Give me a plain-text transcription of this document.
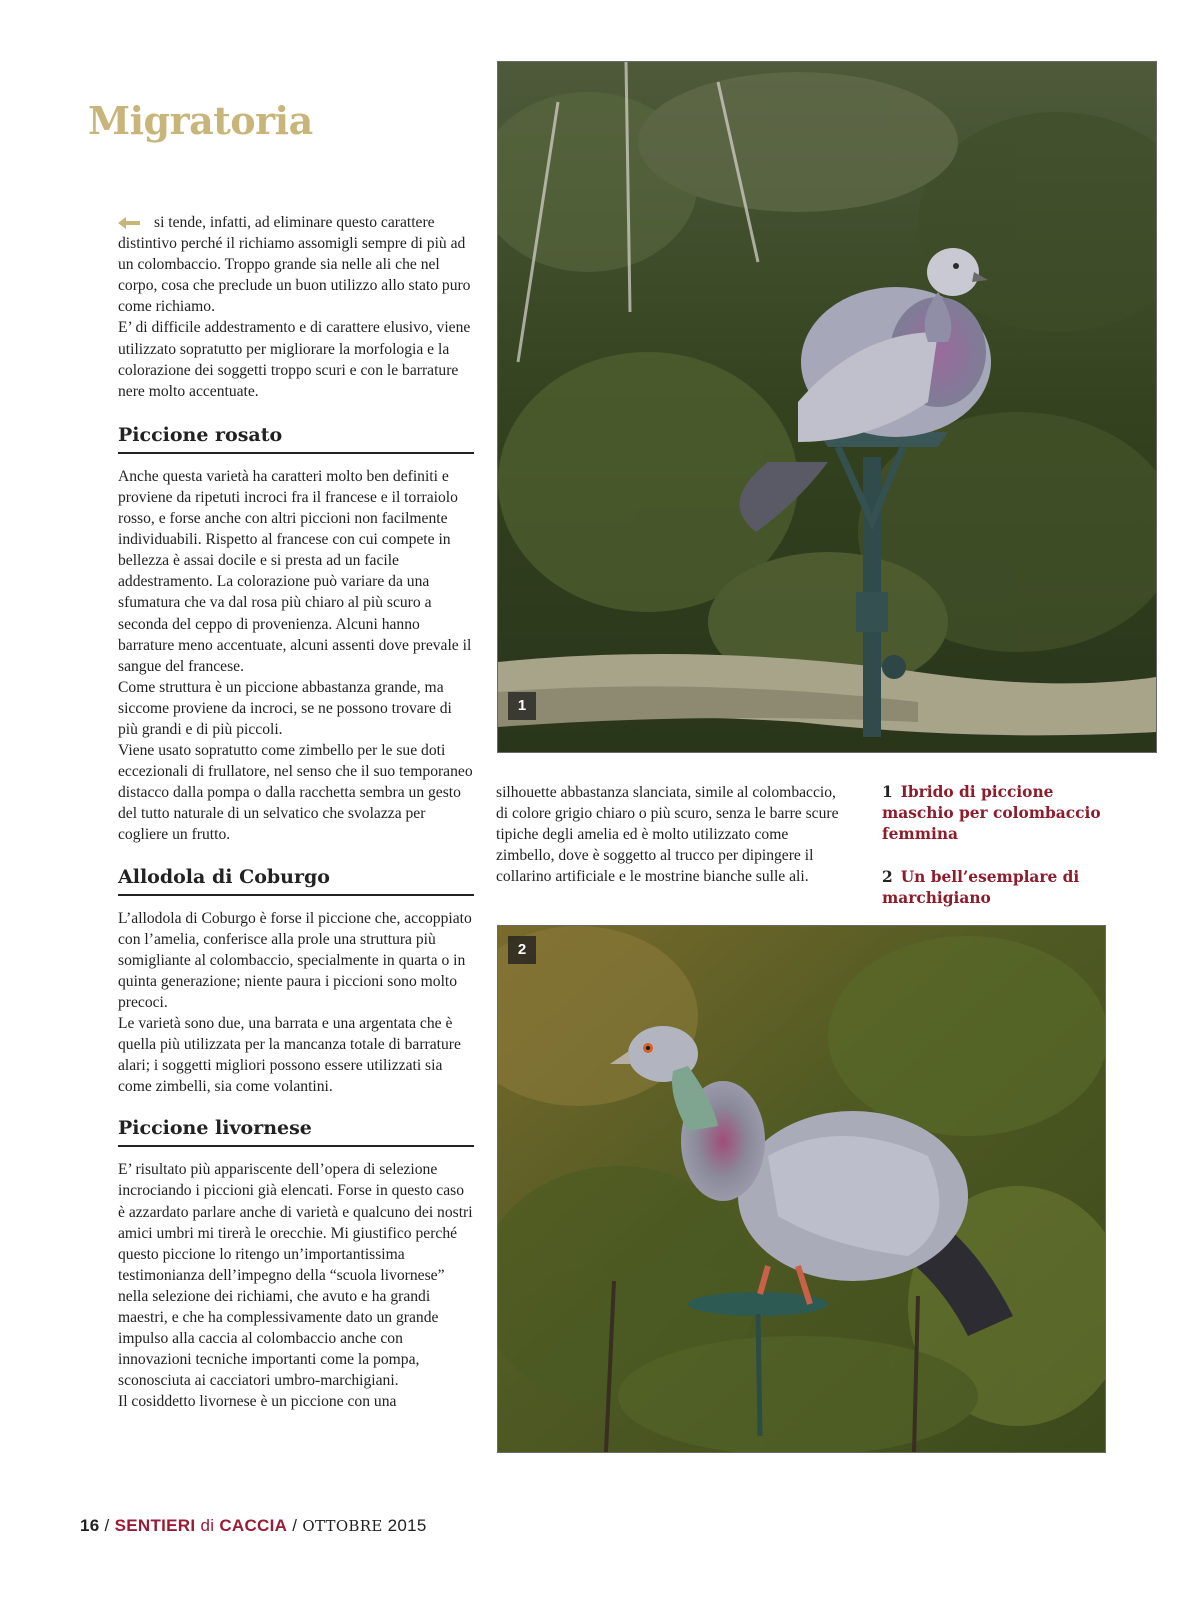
Migratoria

si tende, infatti, ad eliminare questo carattere distintivo perché il richiamo assomigli sempre di più ad un colombaccio. Troppo grande sia nelle ali che nel corpo, cosa che preclude un buon utilizzo allo stato puro come richiamo.
E’ di difficile addestramento e di carattere elusivo, viene utilizzato sopratutto per migliorare la morfologia e la colorazione dei soggetti troppo scuri e con le barrature nere molto accentuate.

Piccione rosato

Anche questa varietà ha caratteri molto ben definiti e proviene da ripetuti incroci fra il francese e il torraiolo rosso, e forse anche con altri piccioni non facilmente individuabili. Rispetto al francese con cui compete in bellezza è assai docile e si presta ad un facile addestramento. La colorazione può variare da una sfumatura che va dal rosa più chiaro al più scuro a seconda del ceppo di provenienza. Alcuni hanno barrature meno accentuate, alcuni assenti dove prevale il sangue del francese.
Come struttura è un piccione abbastanza grande, ma siccome proviene da incroci, se ne possono trovare di più grandi e di più piccoli.
Viene usato sopratutto come zimbello per le sue doti eccezionali di frullatore, nel senso che il suo temporaneo distacco dalla pompa o dalla racchetta sembra un gesto del tutto naturale di un selvatico che svolazza per cogliere un frutto.

Allodola di Coburgo

L’allodola di Coburgo è forse il piccione che, accoppiato con l’amelia, conferisce alla prole una struttura più somigliante al colombaccio, specialmente in quarta o in quinta generazione; niente paura i piccioni sono molto precoci.
Le varietà sono due, una barrata e una argentata che è quella più utilizzata per la mancanza totale di barrature alari; i soggetti migliori possono essere utilizzati sia come zimbelli, sia come volantini.

Piccione livornese

E’ risultato più appariscente dell’opera di selezione incrociando i piccioni già elencati. Forse in questo caso è azzardato parlare anche di varietà e qualcuno dei nostri amici umbri mi tirerà le orecchie. Mi giustifico perché questo piccione lo ritengo un’importantissima testimonianza dell’impegno della “scuola livornese” nella selezione dei richiami, che avuto e ha grandi maestri, e che ha complessivamente dato un grande impulso alla caccia al colombaccio anche con innovazioni tecniche importanti come la pompa, sconosciuta ai cacciatori umbro-marchigiani.
Il cosiddetto livornese è un piccione con una

1

silhouette abbastanza slanciata, simile al colombaccio, di colore grigio chiaro o più scuro, senza le barre scure tipiche degli amelia ed è molto utilizzato come zimbello, dove è soggetto al trucco per dipingere il collarino artificiale e le mostrine bianche sulle ali.

1 Ibrido di piccione maschio per colombaccio femmina
2 Un bell’esemplare di marchigiano
2
16 / SENTIERI di CACCIA / OTTOBRE 2015
